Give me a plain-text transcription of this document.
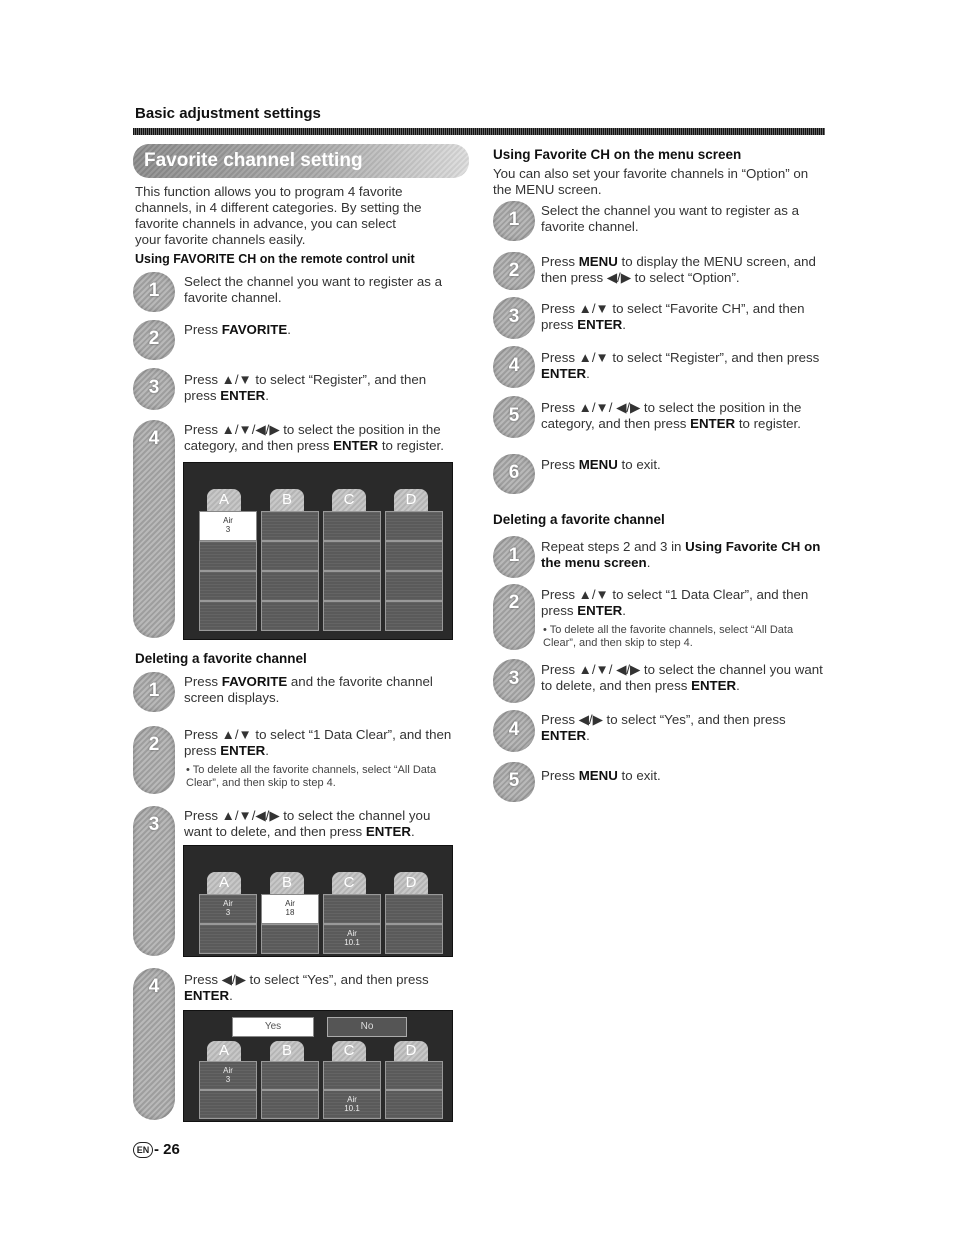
Basic adjustment settings
Favorite channel setting
This function allows you to program 4 favorite channels, in 4 different categories. By setting the favorite channels in advance, you can select your favorite channels easily.
Using FAVORITE CH on the remote control unit
1	Select the channel you want to register as a favorite channel.
2	Press FAVORITE.
3	Press ▲/▼ to select “Register”, and then press ENTER.
4	Press ▲/▼/◀/▶ to select the position in the category, and then press ENTER to register.
A	B	C	D
Air
3
Deleting a favorite channel
1	Press FAVORITE and the favorite channel screen displays.
2	Press ▲/▼ to select “1 Data Clear”, and then press ENTER.
• To delete all the favorite channels, select “All Data Clear”, and then skip to step 4.
3	Press ▲/▼/◀/▶ to select the channel you want to delete, and then press ENTER.
A	B	C	D
Air
3
Air
18
Air
10.1
4	Press ◀/▶ to select “Yes”, and then press ENTER.
Yes	No
A	B	C	D
Air
3
Air
10.1
Using Favorite CH on the menu screen
You can also set your favorite channels in “Option” on the MENU screen.
1	Select the channel you want to register as a favorite channel.
2	Press MENU to display the MENU screen, and then press ◀/▶ to select “Option”.
3	Press ▲/▼ to select “Favorite CH”, and then press ENTER.
4	Press ▲/▼ to select “Register”, and then press ENTER.
5	Press ▲/▼/ ◀/▶ to select the position in the category, and then press ENTER to register.
6	Press MENU to exit.
Deleting a favorite channel
1	Repeat steps 2 and 3 in Using Favorite CH on the menu screen.
2	Press ▲/▼ to select “1 Data Clear”, and then press ENTER.
• To delete all the favorite channels, select “All Data Clear”, and then skip to step 4.
3	Press ▲/▼/ ◀/▶ to select the channel you want to delete, and then press ENTER.
4	Press ◀/▶ to select “Yes”, and then press ENTER.
5	Press MENU to exit.
EN - 26
